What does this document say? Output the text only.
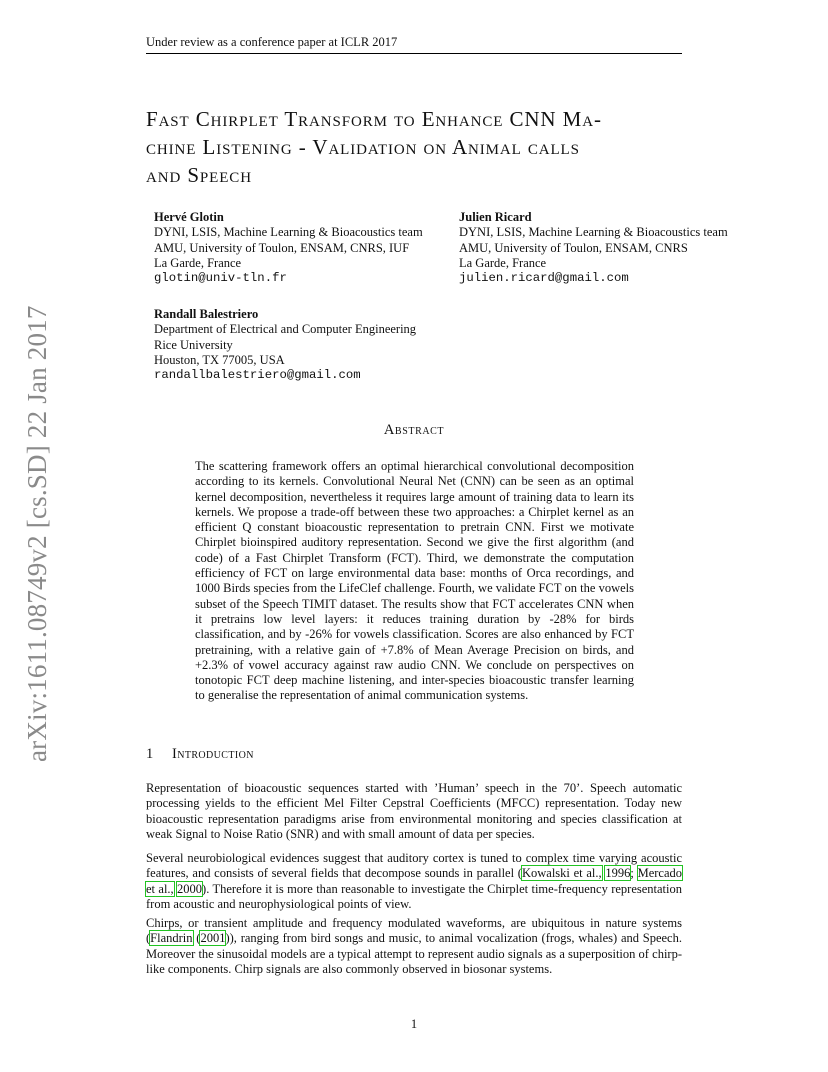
Under review as a conference paper at ICLR 2017
arXiv:1611.08749v2 [cs.SD] 22 Jan 2017
Fast Chirplet Transform to Enhance CNN Ma-
chine Listening - Validation on Animal calls
and Speech
Hervé Glotin
DYNI, LSIS, Machine Learning & Bioacoustics team
AMU, University of Toulon, ENSAM, CNRS, IUF
La Garde, France
glotin@univ-tln.fr
Julien Ricard
DYNI, LSIS, Machine Learning & Bioacoustics team
AMU, University of Toulon, ENSAM, CNRS
La Garde, France
julien.ricard@gmail.com
Randall Balestriero
Department of Electrical and Computer Engineering
Rice University
Houston, TX 77005, USA
randallbalestriero@gmail.com
Abstract
The scattering framework offers an optimal hierarchical convolutional decomposition according to its kernels. Convolutional Neural Net (CNN) can be seen as an optimal kernel decomposition, nevertheless it requires large amount of training data to learn its kernels. We propose a trade-off between these two approaches: a Chirplet kernel as an efficient Q constant bioacoustic representation to pretrain CNN. First we motivate Chirplet bioinspired auditory representation. Second we give the first algorithm (and code) of a Fast Chirplet Transform (FCT). Third, we demonstrate the computation efficiency of FCT on large environmental data base: months of Orca recordings, and 1000 Birds species from the LifeClef challenge. Fourth, we validate FCT on the vowels subset of the Speech TIMIT dataset. The results show that FCT accelerates CNN when it pretrains low level layers: it reduces training duration by -28% for birds classification, and by -26% for vowels classification. Scores are also enhanced by FCT pretraining, with a relative gain of +7.8% of Mean Average Precision on birds, and +2.3% of vowel accuracy against raw audio CNN. We conclude on perspectives on tonotopic FCT deep machine listening, and inter-species bioacoustic transfer learning to generalise the representation of animal communication systems.
1 Introduction

Representation of bioacoustic sequences started with ’Human’ speech in the 70’. Speech automatic processing yields to the efficient Mel Filter Cepstral Coefficients (MFCC) representation. Today new bioacoustic representation paradigms arise from environmental monitoring and species classification at weak Signal to Noise Ratio (SNR) and with small amount of data per species.

Several neurobiological evidences suggest that auditory cortex is tuned to complex time varying acoustic features, and consists of several fields that decompose sounds in parallel (Kowalski et al., 1996; Mercado et al., 2000). Therefore it is more than reasonable to investigate the Chirplet time-frequency representation from acoustic and neurophysiological points of view.

Chirps, or transient amplitude and frequency modulated waveforms, are ubiquitous in nature systems (Flandrin (2001)), ranging from bird songs and music, to animal vocalization (frogs, whales) and Speech. Moreover the sinusoidal models are a typical attempt to represent audio signals as a superposition of chirp-like components. Chirp signals are also commonly observed in biosonar systems.

1
